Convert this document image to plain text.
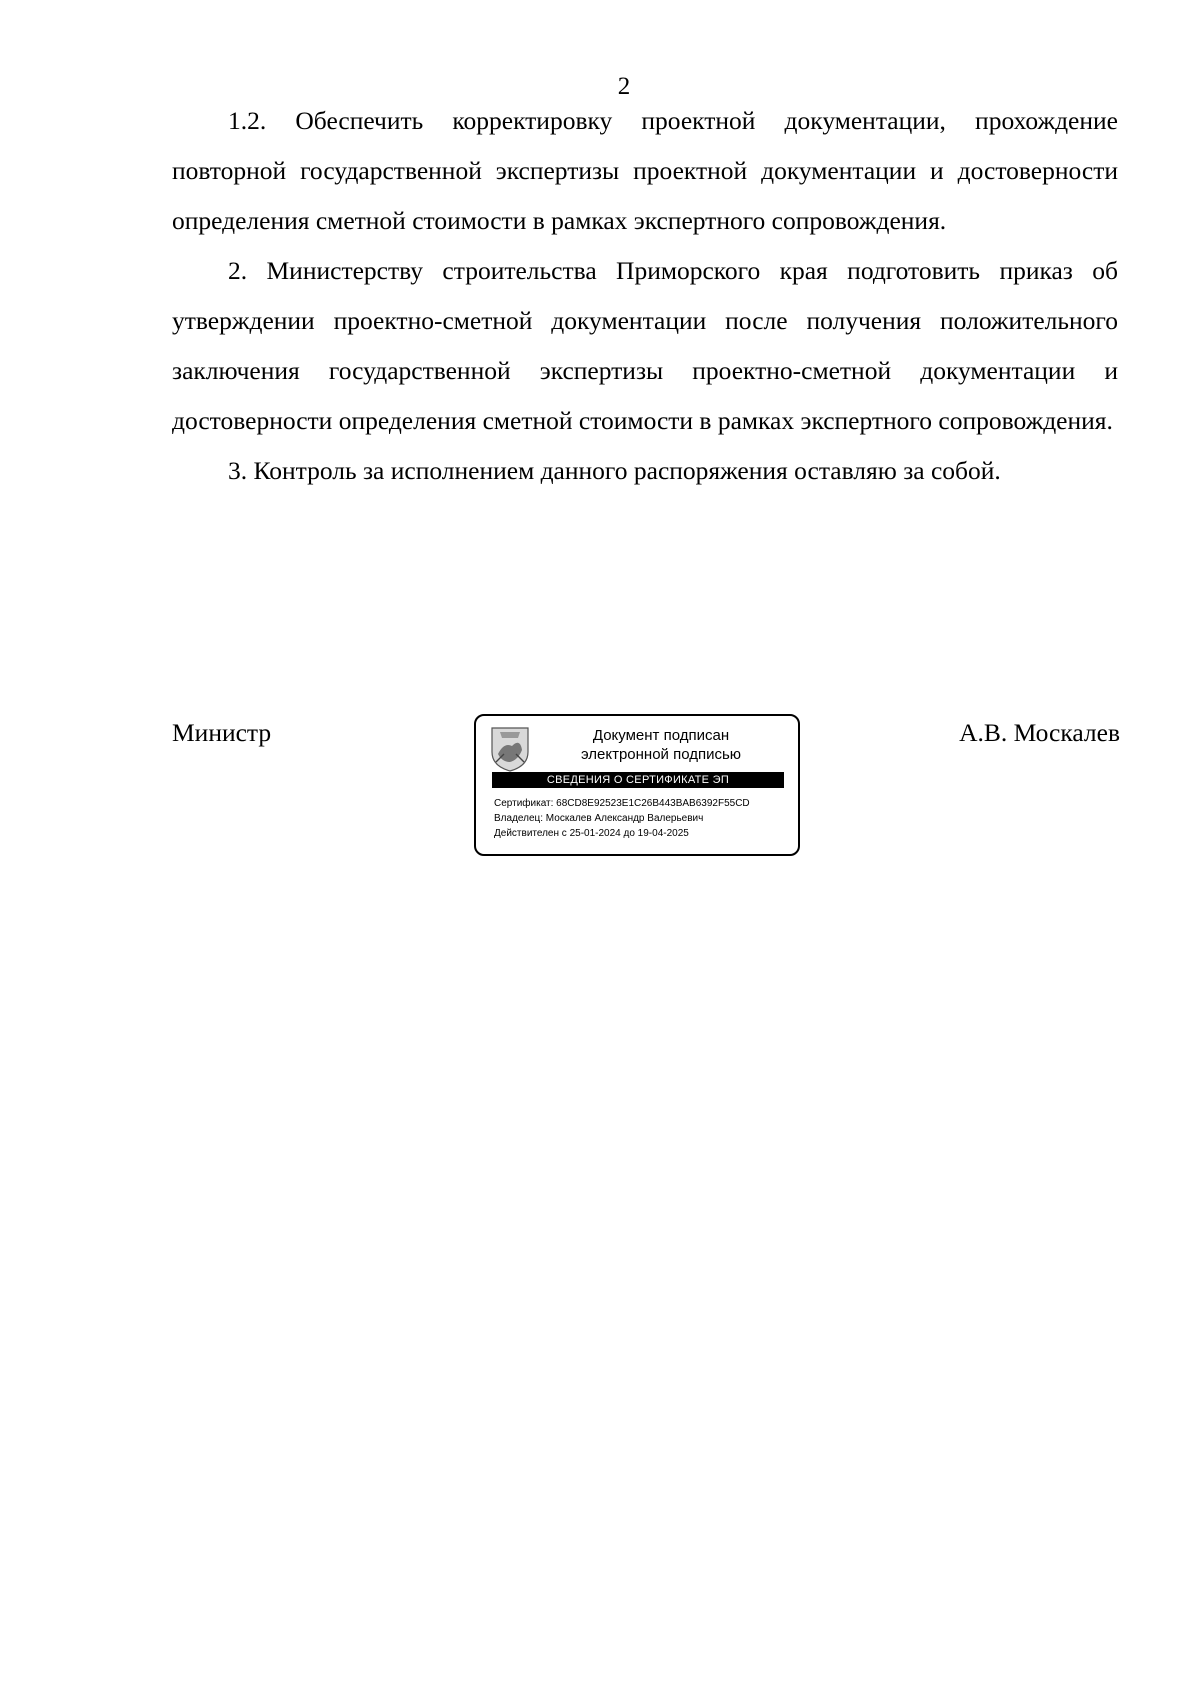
2

1.2. Обеспечить корректировку проектной документации, прохождение повторной государственной экспертизы проектной документации и достоверности определения сметной стоимости в рамках экспертного сопровождения.

2. Министерству строительства Приморского края подготовить приказ об утверждении проектно-сметной документации после получения положительного заключения государственной экспертизы проектно-сметной документации и достоверности определения сметной стоимости в рамках экспертного сопровождения.

3. Контроль за исполнением данного распоряжения оставляю за собой.

Министр	Документ подписан
электронной подписью
СВЕДЕНИЯ О СЕРТИФИКАТЕ ЭП
Сертификат: 68CD8E92523E1C26B443BAB6392F55CD
Владелец: Москалев Александр Валерьевич
Действителен с 25-01-2024 до 19-04-2025
А.В. Москалев
